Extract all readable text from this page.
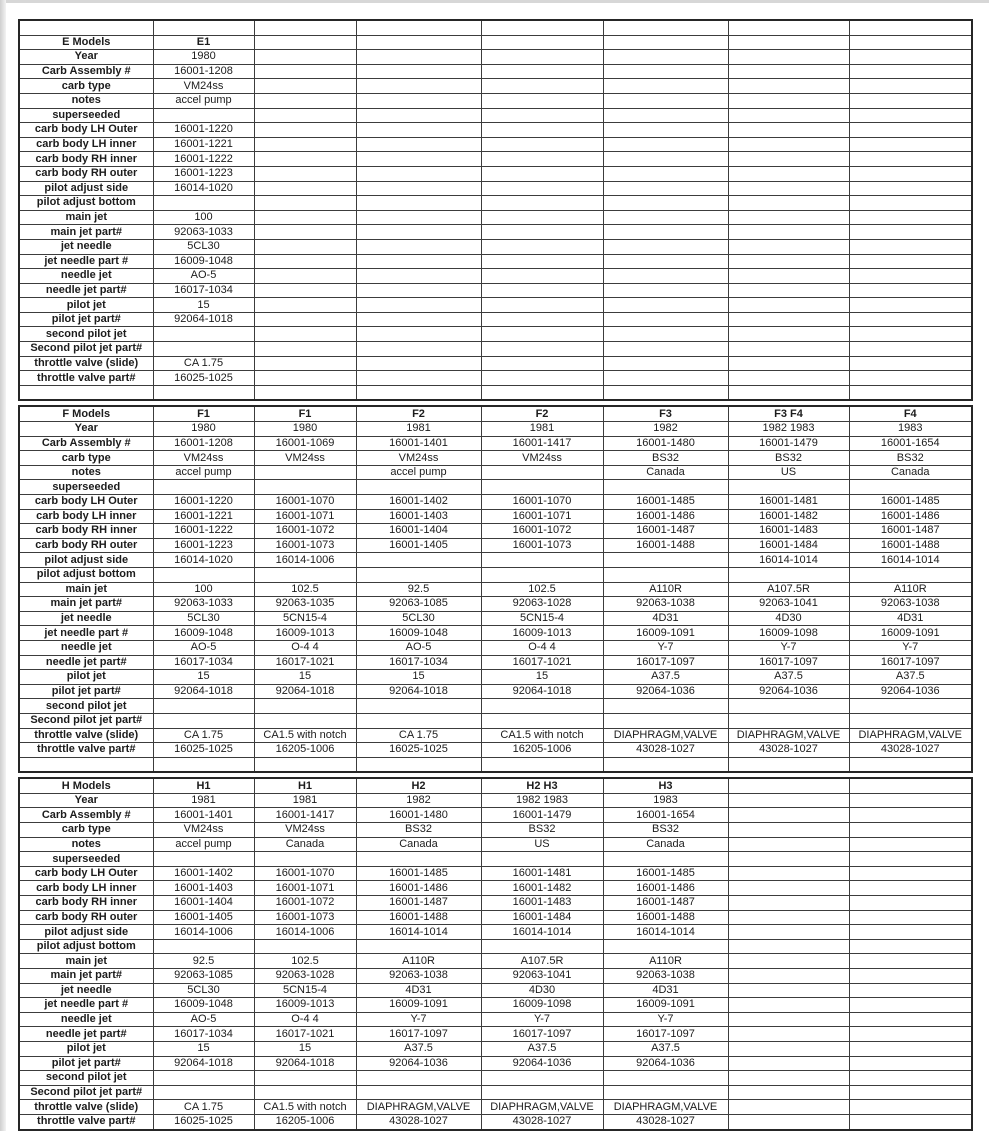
E Models	E1						
Year	1980						
Carb Assembly #	16001-1208						
carb type	VM24ss						
notes	accel pump						
superseeded							
carb body LH Outer	16001-1220						
carb body LH inner	16001-1221						
carb body RH inner	16001-1222						
carb body RH outer	16001-1223						
pilot adjust side	16014-1020						
pilot adjust bottom							
main jet	100						
main jet part#	92063-1033						
jet needle	5CL30						
jet needle part #	16009-1048						
needle jet	AO-5						
needle jet part#	16017-1034						
pilot jet	15						
pilot jet part#	92064-1018						
second pilot jet							
Second pilot jet part#							
throttle valve (slide)	CA 1.75						
throttle valve part#	16025-1025						

F Models	F1	F1	F2	F2	F3	F3 F4	F4
Year	1980	1980	1981	1981	1982	1982 1983	1983
Carb Assembly #	16001-1208	16001-1069	16001-1401	16001-1417	16001-1480	16001-1479	16001-1654
carb type	VM24ss	VM24ss	VM24ss	VM24ss	BS32	BS32	BS32
notes	accel pump		accel pump		Canada	US	Canada
superseeded							
carb body LH Outer	16001-1220	16001-1070	16001-1402	16001-1070	16001-1485	16001-1481	16001-1485
carb body LH inner	16001-1221	16001-1071	16001-1403	16001-1071	16001-1486	16001-1482	16001-1486
carb body RH inner	16001-1222	16001-1072	16001-1404	16001-1072	16001-1487	16001-1483	16001-1487
carb body RH outer	16001-1223	16001-1073	16001-1405	16001-1073	16001-1488	16001-1484	16001-1488
pilot adjust side	16014-1020	16014-1006				16014-1014	16014-1014
pilot adjust bottom							
main jet	100	102.5	92.5	102.5	A110R	A107.5R	A110R
main jet part#	92063-1033	92063-1035	92063-1085	92063-1028	92063-1038	92063-1041	92063-1038
jet needle	5CL30	5CN15-4	5CL30	5CN15-4	4D31	4D30	4D31
jet needle part #	16009-1048	16009-1013	16009-1048	16009-1013	16009-1091	16009-1098	16009-1091
needle jet	AO-5	O-4 4	AO-5	O-4 4	Y-7	Y-7	Y-7
needle jet part#	16017-1034	16017-1021	16017-1034	16017-1021	16017-1097	16017-1097	16017-1097
pilot jet	15	15	15	15	A37.5	A37.5	A37.5
pilot jet part#	92064-1018	92064-1018	92064-1018	92064-1018	92064-1036	92064-1036	92064-1036
second pilot jet							
Second pilot jet part#							
throttle valve (slide)	CA 1.75	CA1.5 with notch	CA 1.75	CA1.5 with notch	DIAPHRAGM,VALVE	DIAPHRAGM,VALVE	DIAPHRAGM,VALVE
throttle valve part#	16025-1025	16205-1006	16025-1025	16205-1006	43028-1027	43028-1027	43028-1027

H Models	H1	H1	H2	H2 H3	H3		
Year	1981	1981	1982	1982 1983	1983		
Carb Assembly #	16001-1401	16001-1417	16001-1480	16001-1479	16001-1654		
carb type	VM24ss	VM24ss	BS32	BS32	BS32		
notes	accel pump	Canada	Canada	US	Canada		
superseeded							
carb body LH Outer	16001-1402	16001-1070	16001-1485	16001-1481	16001-1485		
carb body LH inner	16001-1403	16001-1071	16001-1486	16001-1482	16001-1486		
carb body RH inner	16001-1404	16001-1072	16001-1487	16001-1483	16001-1487		
carb body RH outer	16001-1405	16001-1073	16001-1488	16001-1484	16001-1488		
pilot adjust side	16014-1006	16014-1006	16014-1014	16014-1014	16014-1014		
pilot adjust bottom							
main jet	92.5	102.5	A110R	A107.5R	A110R		
main jet part#	92063-1085	92063-1028	92063-1038	92063-1041	92063-1038		
jet needle	5CL30	5CN15-4	4D31	4D30	4D31		
jet needle part #	16009-1048	16009-1013	16009-1091	16009-1098	16009-1091		
needle jet	AO-5	O-4 4	Y-7	Y-7	Y-7		
needle jet part#	16017-1034	16017-1021	16017-1097	16017-1097	16017-1097		
pilot jet	15	15	A37.5	A37.5	A37.5		
pilot jet part#	92064-1018	92064-1018	92064-1036	92064-1036	92064-1036		
second pilot jet							
Second pilot jet part#							
throttle valve (slide)	CA 1.75	CA1.5 with notch	DIAPHRAGM,VALVE	DIAPHRAGM,VALVE	DIAPHRAGM,VALVE		
throttle valve part#	16025-1025	16205-1006	43028-1027	43028-1027	43028-1027		
